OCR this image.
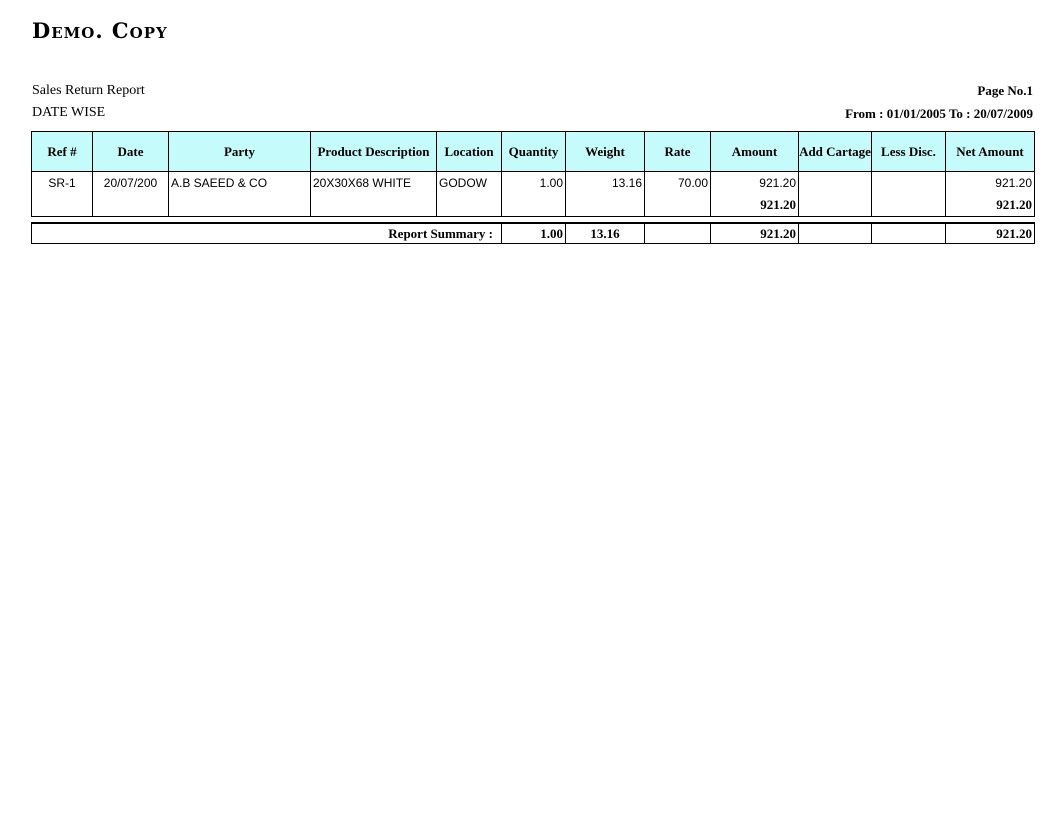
Demo. Copy
Sales Return Report	Page No.1
DATE WISE	From : 01/01/2005 To : 20/07/2009
Ref #	Date	Party	Product Description	Location	Quantity	Weight	Rate	Amount	Add Cartage	Less Disc.	Net Amount
SR-1	20/07/200	A.B SAEED & CO	20X30X68 WHITE	GODOW	1.00	13.16	70.00	921.20			921.20
								921.20			921.20
Report Summary :	1.00	13.16		921.20			921.20
